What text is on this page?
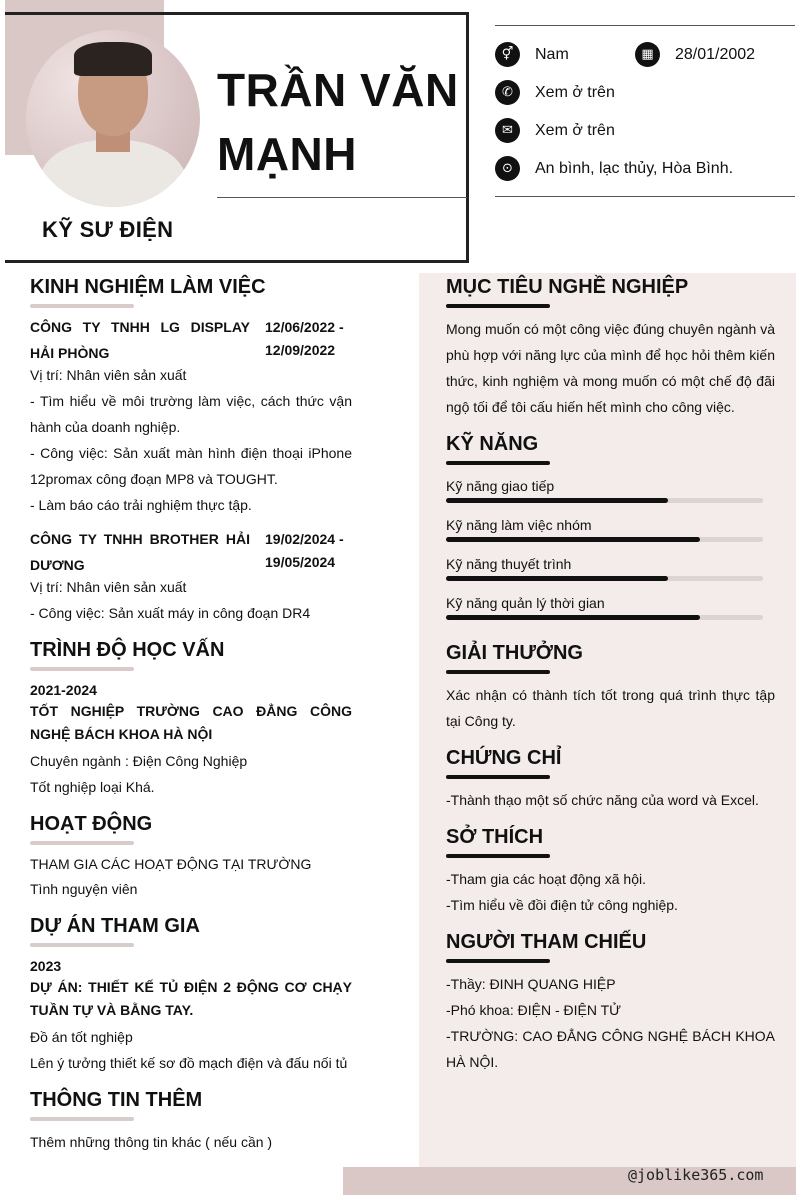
KỸ SƯ ĐIỆN
TRẦN VĂN
MẠNH
⚥	Nam	▦	28/01/2002
✆	Xem ở trên
✉	Xem ở trên
⊙	An bình, lạc thủy, Hòa Bình.
@joblike365.com
KINH NGHIỆM LÀM VIỆC
CÔNG TY TNHH LG DISPLAY HẢI PHÒNG
12/06/2022 -
12/09/2022
Vị trí: Nhân viên sản xuất
- Tìm hiểu về môi trường làm việc, cách thức vận hành của doanh nghiệp.
- Công việc: Sản xuất màn hình điện thoại iPhone 12promax công đoạn MP8 và TOUGHT.
- Làm báo cáo trải nghiệm thực tập.
CÔNG TY TNHH BROTHER HẢI DƯƠNG
19/02/2024 -
19/05/2024
Vị trí: Nhân viên sản xuất
- Công việc: Sản xuất máy in công đoạn DR4
TRÌNH ĐỘ HỌC VẤN
2021-2024
TỐT NGHIỆP TRƯỜNG CAO ĐẲNG CÔNG NGHỆ BÁCH KHOA HÀ NỘI
Chuyên ngành : Điện Công Nghiệp
Tốt nghiệp loại Khá.
HOẠT ĐỘNG
THAM GIA CÁC HOẠT ĐỘNG TẠI TRƯỜNG
Tình nguyện viên
DỰ ÁN THAM GIA
2023
DỰ ÁN: THIẾT KẾ TỦ ĐIỆN 2 ĐỘNG CƠ CHẠY TUẦN TỰ VÀ BẰNG TAY.
Đồ án tốt nghiệp
Lên ý tưởng thiết kế sơ đồ mạch điện và đấu nối tủ
THÔNG TIN THÊM
Thêm những thông tin khác ( nếu cần )
MỤC TIÊU NGHỀ NGHIỆP
Mong muốn có một công việc đúng chuyên ngành và phù hợp với năng lực của mình để học hỏi thêm kiến thức, kinh nghiệm và mong muốn có một chế độ đãi ngộ tối để tôi cấu hiến hết mình cho công việc.
KỸ NĂNG
Kỹ năng giao tiếp
Kỹ năng làm việc nhóm
Kỹ năng thuyết trình
Kỹ năng quản lý thời gian
GIẢI THƯỞNG
Xác nhận có thành tích tốt trong quá trình thực tập tại Công ty.
CHỨNG CHỈ
-Thành thạo một số chức năng của word và Excel.
SỞ THÍCH
-Tham gia các hoạt động xã hội.
-Tìm hiểu về đồi điện tử công nghiệp.
NGƯỜI THAM CHIẾU
-Thầy: ĐINH QUANG HIỆP
-Phó khoa: ĐIỆN - ĐIỆN TỬ
-TRƯỜNG: CAO ĐẲNG CÔNG NGHỆ BÁCH KHOA HÀ NỘI.
